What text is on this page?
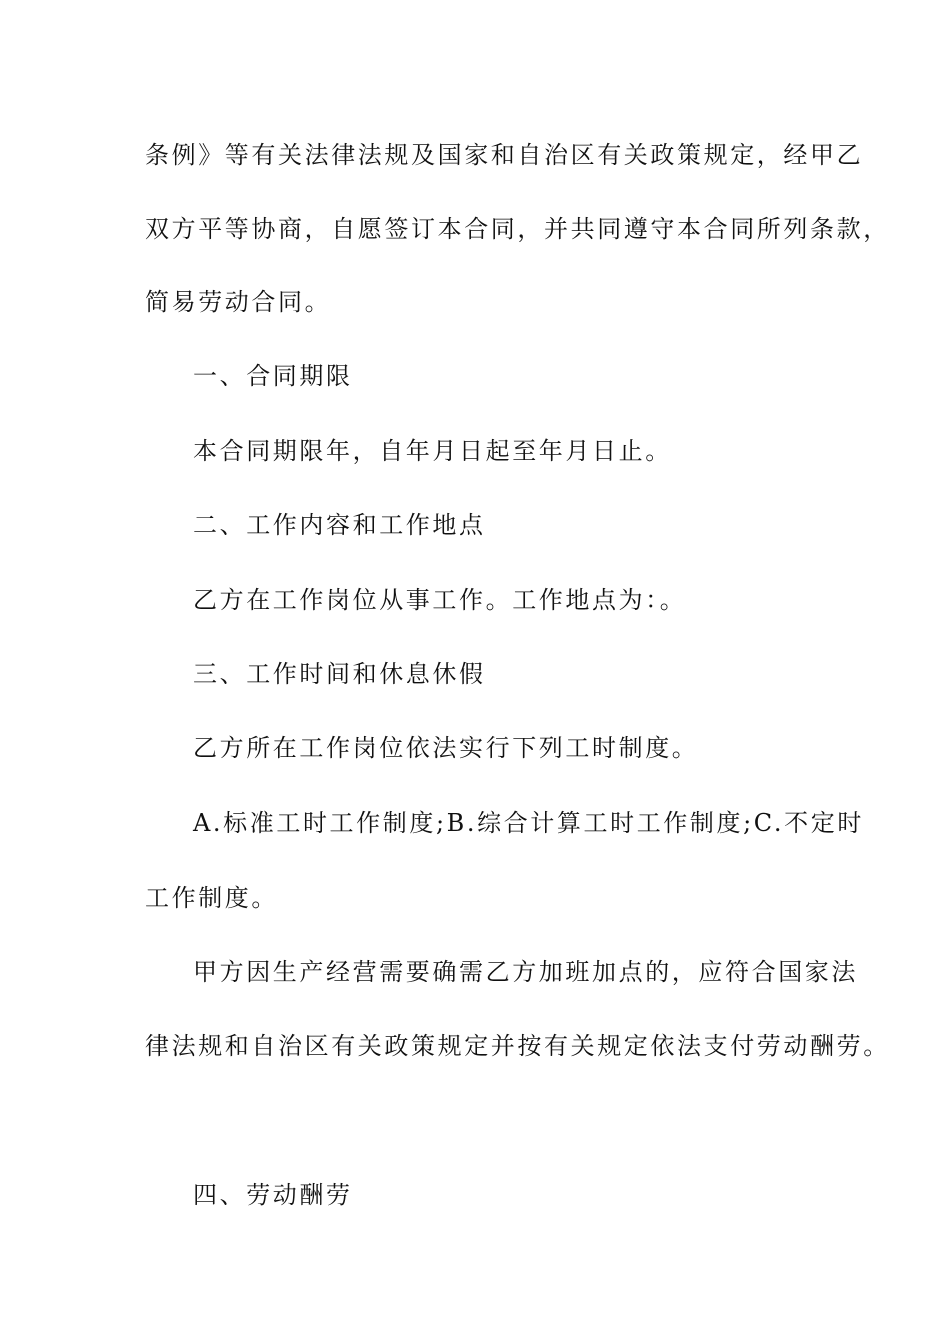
条例》等有关法律法规及国家和自治区有关政策规定，经甲乙
双方平等协商，自愿签订本合同，并共同遵守本合同所列条款，
简易劳动合同。
一、合同期限
本合同期限年，自年月日起至年月日止。
二、工作内容和工作地点
乙方在工作岗位从事工作。工作地点为：。
三、工作时间和休息休假
乙方所在工作岗位依法实行下列工时制度。
A.标准工时工作制度;B.综合计算工时工作制度;C.不定时
工作制度。
甲方因生产经营需要确需乙方加班加点的，应符合国家法
律法规和自治区有关政策规定并按有关规定依法支付劳动酬劳。
四、劳动酬劳
